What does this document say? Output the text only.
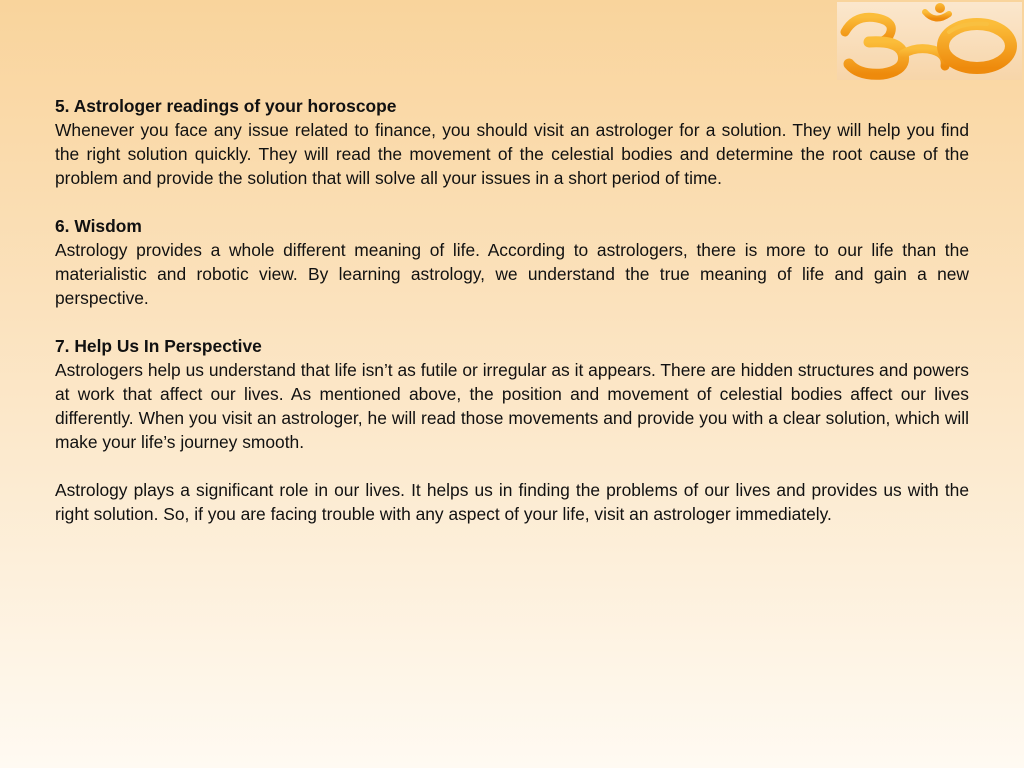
5. Astrologer readings of your horoscope

Whenever you face any issue related to finance, you should visit an astrologer for a solution. They will help you find the right solution quickly. They will read the movement of the celestial bodies and determine the root cause of the problem and provide the solution that will solve all your issues in a short period of time.

6. Wisdom

Astrology provides a whole different meaning of life. According to astrologers, there is more to our life than the materialistic and robotic view. By learning astrology, we understand the true meaning of life and gain a new perspective.

7. Help Us In Perspective

Astrologers help us understand that life isn’t as futile or irregular as it appears. There are hidden structures and powers at work that affect our lives. As mentioned above, the position and movement of celestial bodies affect our lives differently. When you visit an astrologer, he will read those movements and provide you with a clear solution, which will make your life’s journey smooth.

Astrology plays a significant role in our lives. It helps us in finding the problems of our lives and provides us with the right solution. So, if you are facing trouble with any aspect of your life, visit an astrologer immediately.
